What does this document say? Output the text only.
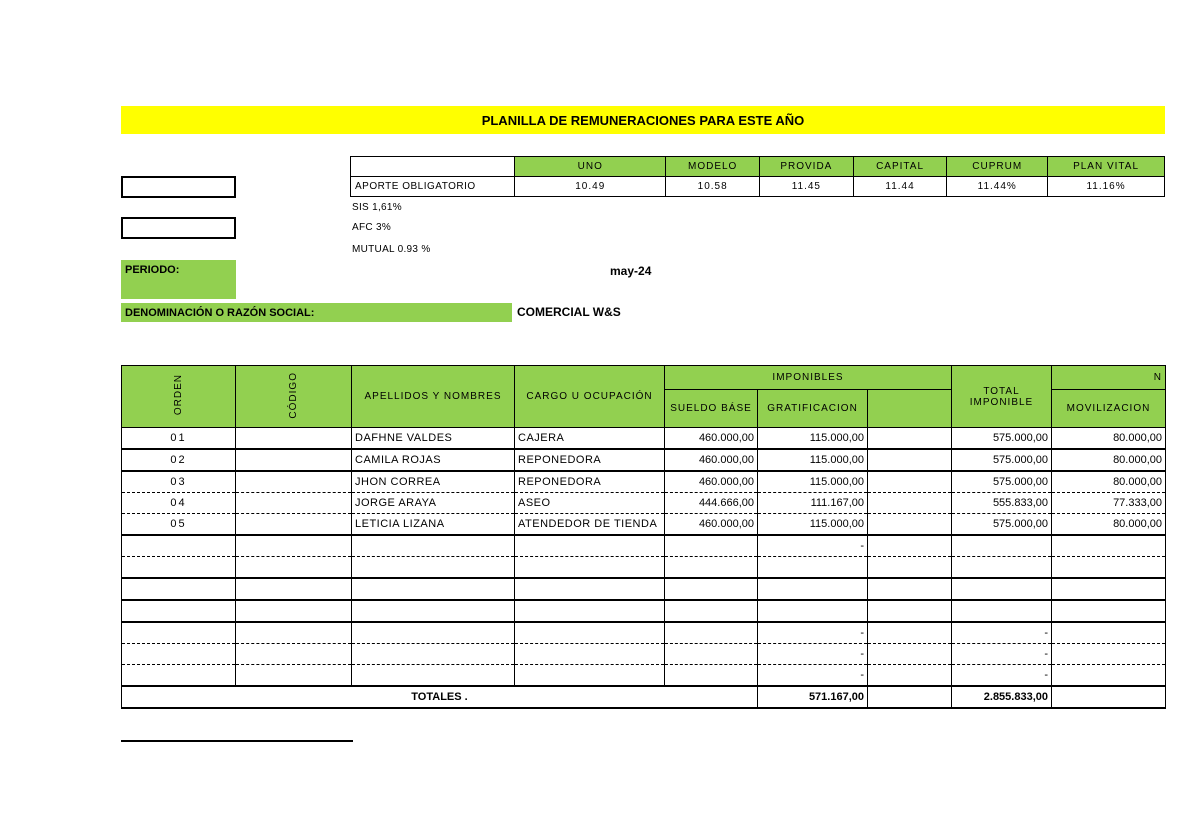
PLANILLA DE REMUNERACIONES PARA ESTE AÑO
	UNO	MODELO	PROVIDA	CAPITAL	CUPRUM	PLAN VITAL
APORTE OBLIGATORIO	10.49	10.58	11.45	11.44	11.44%	11.16%
SIS 1,61%
AFC 3%
MUTUAL 0.93 %
PERIODO:	may-24
DENOMINACIÓN O RAZÓN SOCIAL:	COMERCIAL W&S
ORDEN	CÓDIGO	APELLIDOS Y NOMBRES	CARGO U OCUPACIÓN	IMPONIBLES			TOTAL IMPONIBLE	N
				SUELDO BÁSE	GRATIFICACION			MOVILIZACION
01		DAFHNE VALDES	CAJERA	460.000,00	115.000,00		575.000,00	80.000,00
02		CAMILA ROJAS	REPONEDORA	460.000,00	115.000,00		575.000,00	80.000,00
03		JHON CORREA	REPONEDORA	460.000,00	115.000,00		575.000,00	80.000,00
04		JORGE ARAYA	ASEO	444.666,00	111.167,00		555.833,00	77.333,00
05		LETICIA LIZANA	ATENDEDOR DE TIENDA	460.000,00	115.000,00		575.000,00	80.000,00
					-			

					-		-	
					-		-	
					-		-	
TOTALES .					571.167,00		2.855.833,00	
